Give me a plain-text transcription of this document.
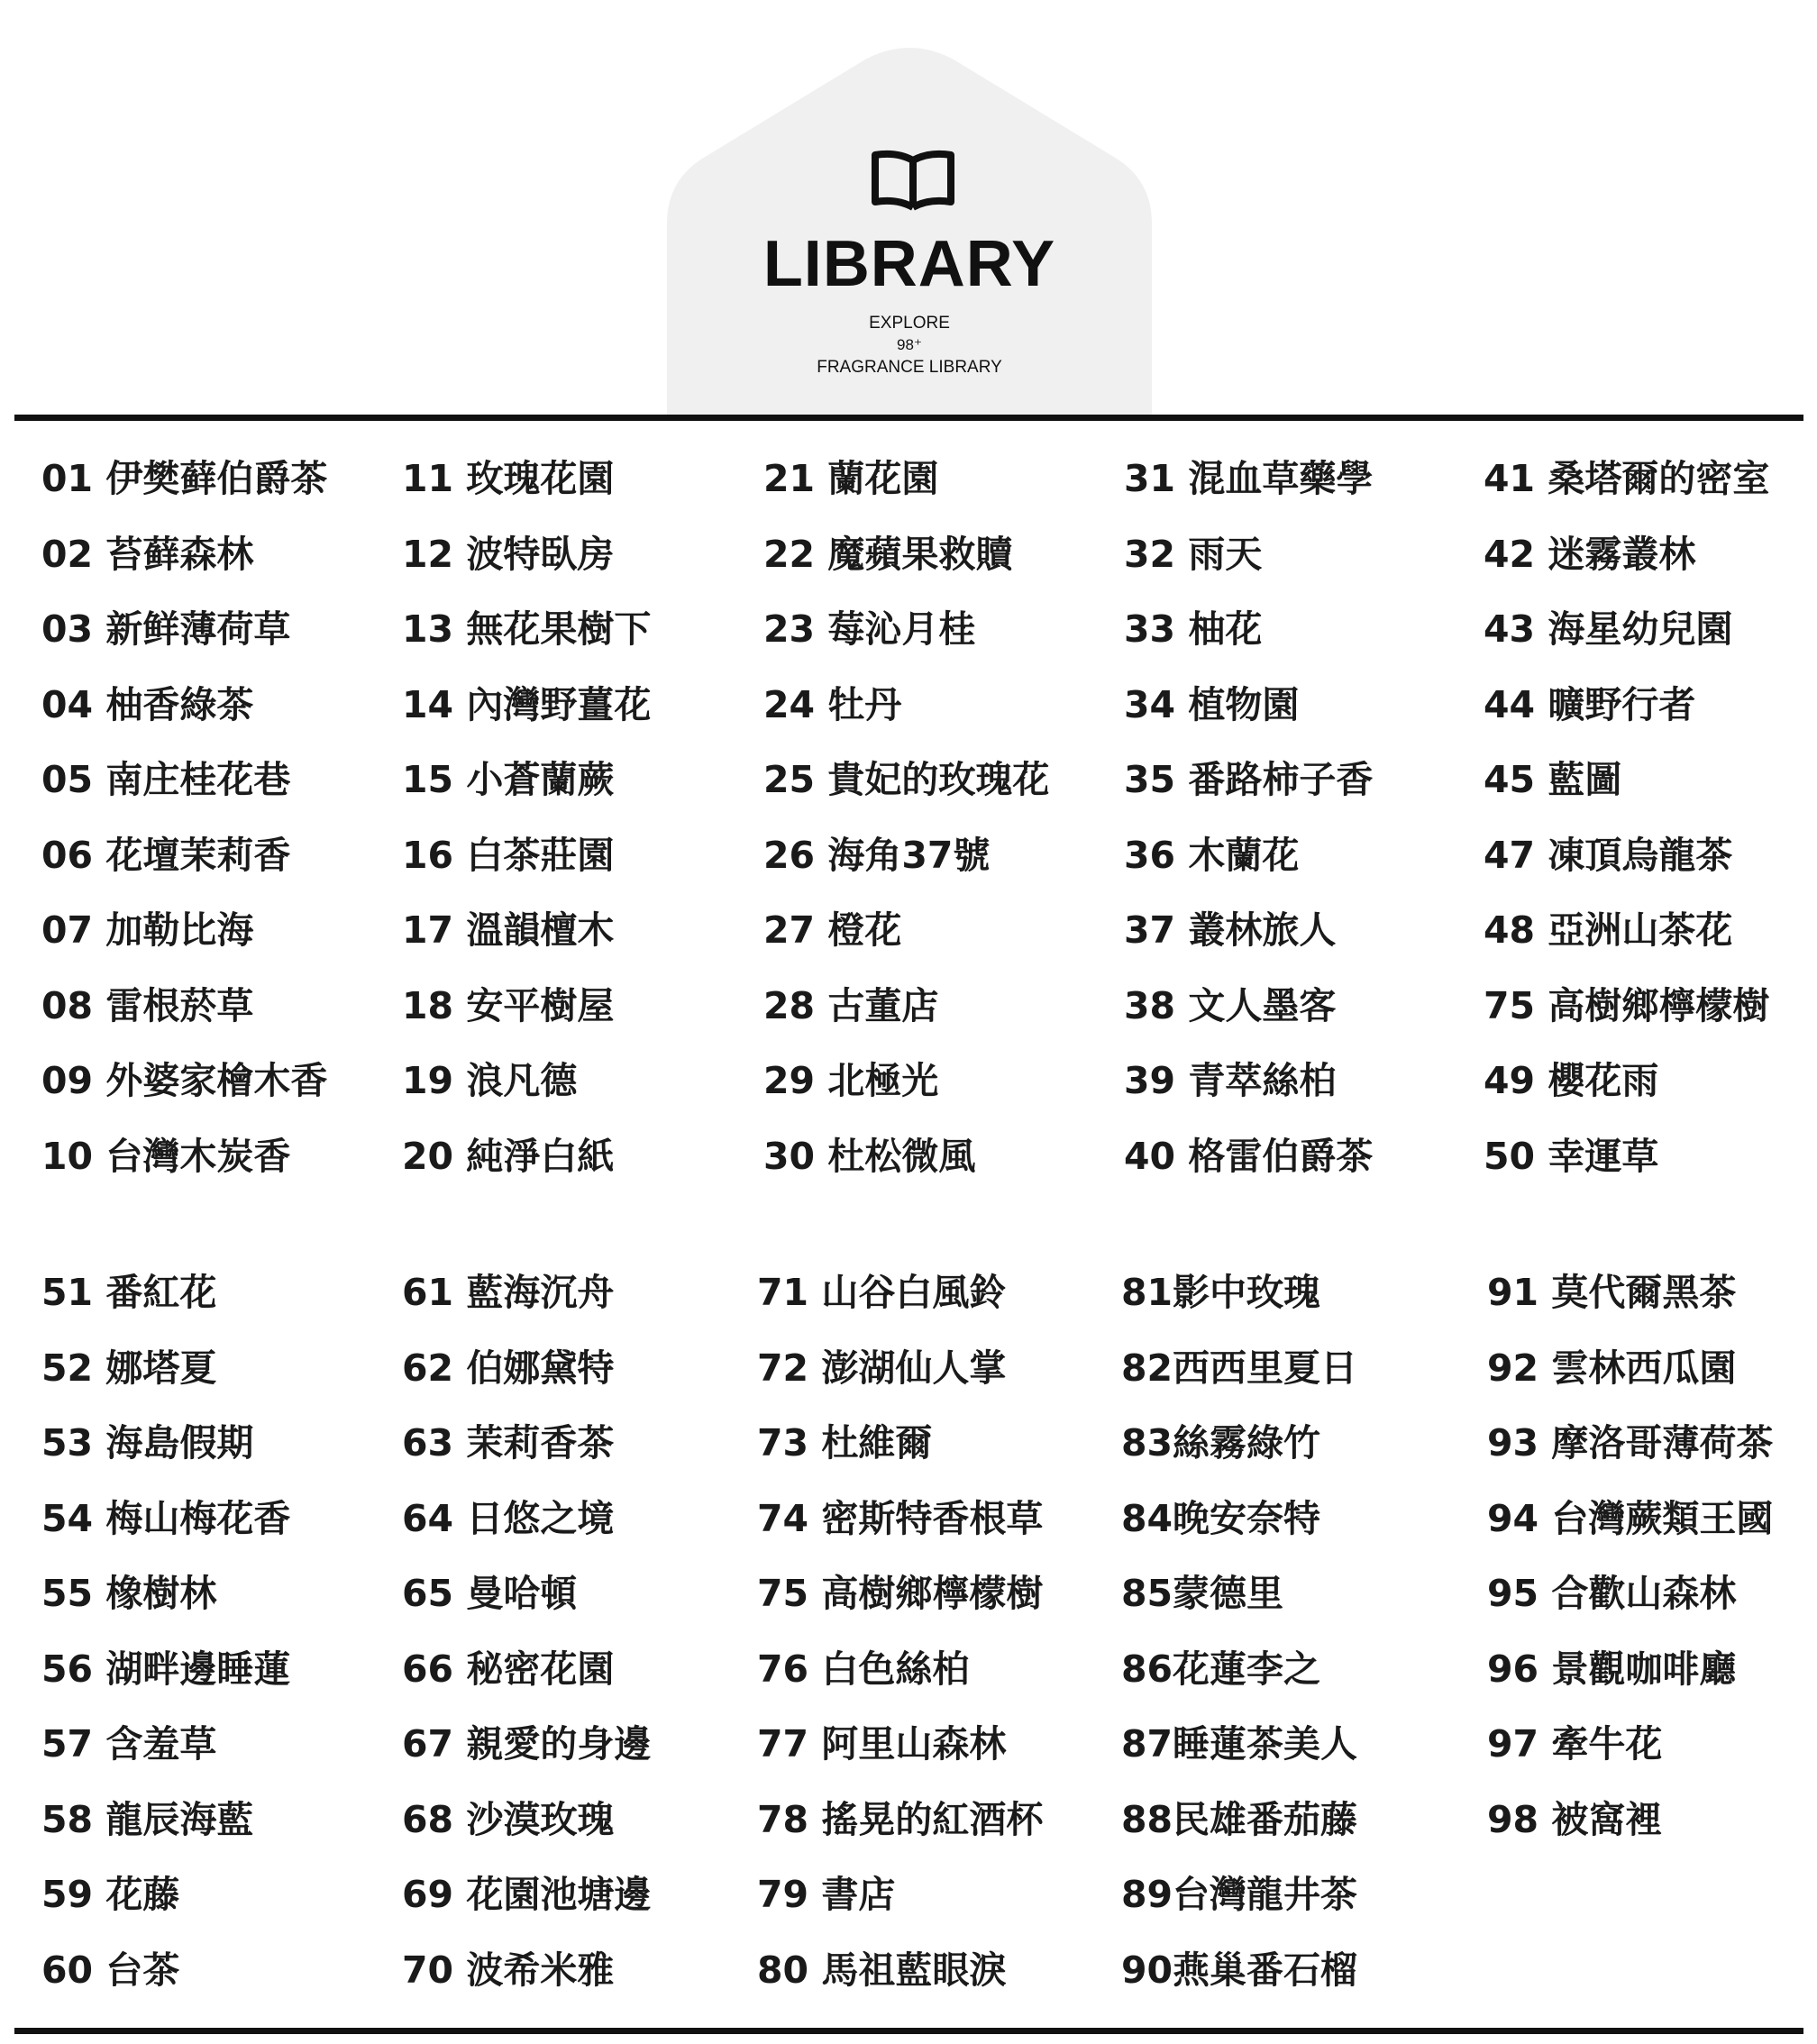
LIBRARY
EXPLORE
98⁺
FRAGRANCE LIBRARY
01 伊樊藓伯爵茶
02 苔藓森林
03 新鲜薄荷草
04 柚香綠茶
05 南庄桂花巷
06 花壇茉莉香
07 加勒比海
08 雷根菸草
09 外婆家檜木香
10 台灣木炭香
11 玫瑰花園
12 波特臥房
13 無花果樹下
14 內灣野薑花
15 小蒼蘭蕨
16 白茶莊園
17 溫韻檀木
18 安平樹屋
19 浪凡德
20 純淨白紙
21 蘭花園
22 魔蘋果救贖
23 莓沁月桂
24 牡丹
25 貴妃的玫瑰花
26 海角37號
27 橙花
28 古董店
29 北極光
30 杜松微風
31 混血草藥學
32 雨天
33 柚花
34 植物園
35 番路柿子香
36 木蘭花
37 叢林旅人
38 文人墨客
39 青萃絲柏
40 格雷伯爵茶
41 桑塔爾的密室
42 迷霧叢林
43 海星幼兒園
44 曠野行者
45 藍圖
47 凍頂烏龍茶
48 亞洲山茶花
75 高樹鄉檸檬樹
49 櫻花雨
50 幸運草
51 番紅花
52 娜塔夏
53 海島假期
54 梅山梅花香
55 橡樹林
56 湖畔邊睡蓮
57 含羞草
58 龍辰海藍
59 花藤
60 台茶
61 藍海沉舟
62 伯娜黛特
63 茉莉香茶
64 日悠之境
65 曼哈頓
66 秘密花園
67 親愛的身邊
68 沙漠玫瑰
69 花園池塘邊
70 波希米雅
71 山谷白風鈴
72 澎湖仙人掌
73 杜維爾
74 密斯特香根草
75 高樹鄉檸檬樹
76 白色絲柏
77 阿里山森林
78 搖晃的紅酒杯
79 書店
80 馬祖藍眼淚
81影中玫瑰
82西西里夏日
83絲霧綠竹
84晚安奈特
85蒙德里
86花蓮李之
87睡蓮茶美人
88民雄番茄藤
89台灣龍井茶
90燕巢番石榴
91 莫代爾黑茶
92 雲林西瓜園
93 摩洛哥薄荷茶
94 台灣蕨類王國
95 合歡山森林
96 景觀咖啡廳
97 牽牛花
98 被窩裡
